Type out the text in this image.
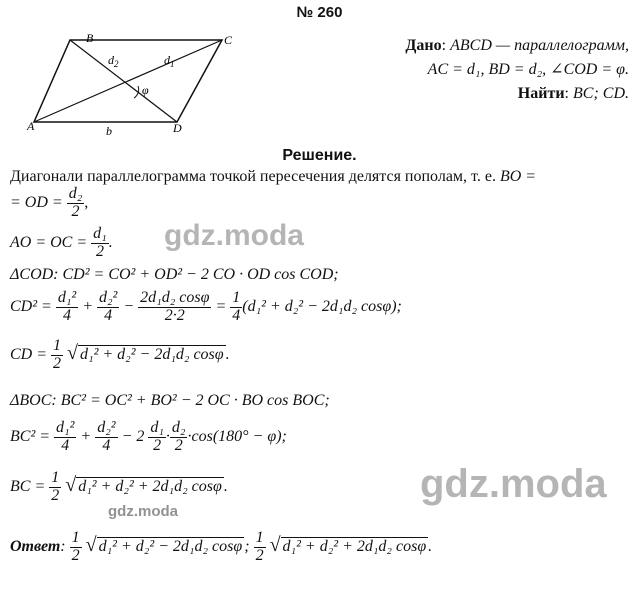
№ 260
B	C
A	D
$d_2$	$d_1$
b
φ
Дано: ABCD — параллелограмм,
AC = d₁, BD = d₂, ∠COD = φ.
Найти: BC; CD.
Решение.
Диагонали параллелограмма точкой пересечения делятся пополам, т. е. BO =
= OD = $\frac{\text{d₂}}{2}$ ,
AO = OC = $\frac{\text{d₁}}{2}$ .
ΔCOD: CD² = CO² + OD² − 2 CO · OD cos COD;
$CD^2 = \frac{\text{d₁²}}{4} + \frac{\text{d₂²}}{4} - \frac{\text{2d₁d₂ cosφ}}{2\cdot 2} = \frac{1}{4} (d_1^2 + d_2^2 - 2d_1d_2$ cosφ);
CD = $\frac{1}{2}$ √ d₁² + d₂² − 2d₁d₂ cosφ .
ΔBOC: BC² = OC² + BO² − 2 OC · BO cos BOC;
$BC^2 = \frac{\text{d₁²}}{4} + \frac{\text{d₂²}}{4} - 2 \frac{\text{d₁}}{2} \cdot \frac{\text{d₂}}{2} \cdot\cos(180^\circ - \varphi)$;
BC = $\frac{1}{2}$ √ d₁² + d₂² + 2d₁d₂ cosφ .
Ответ: $\frac{1}{2}$ √ d₁² + d₂² − 2d₁d₂ cosφ ; $\frac{1}{2}$ √ d₁² + d₂² + 2d₁d₂ cosφ .
gdz.moda
gdz.moda
gdz.moda
